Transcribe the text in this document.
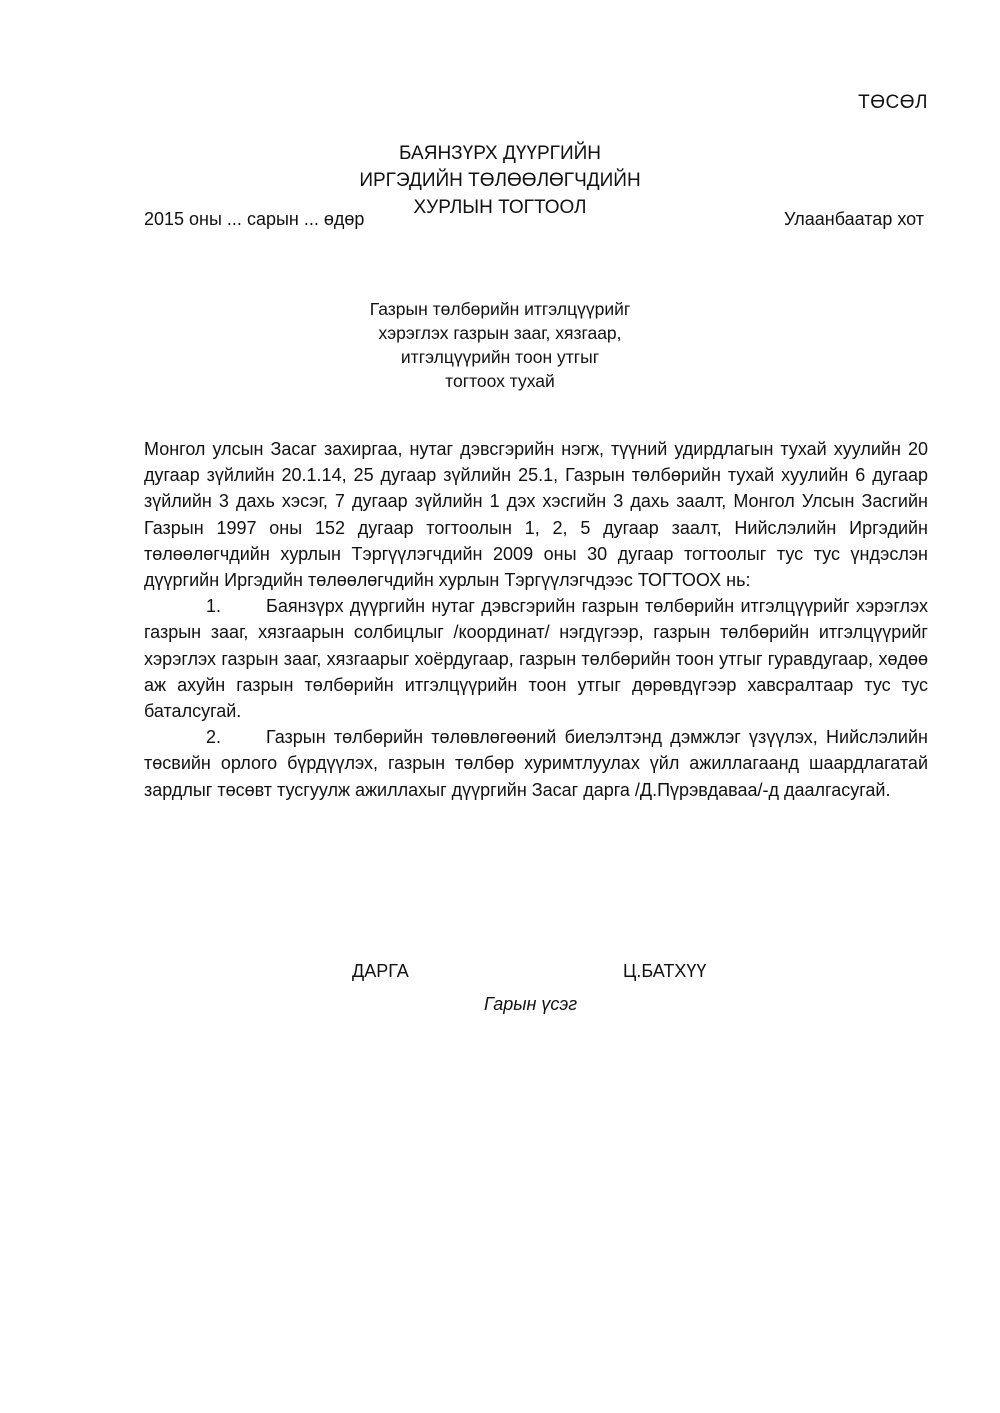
ТӨСӨЛ
БАЯНЗҮРХ ДҮҮРГИЙН
ИРГЭДИЙН ТӨЛӨӨЛӨГЧДИЙН
ХУРЛЫН ТОГТООЛ
2015 оны ... сарын ... өдөр	Улаанбаатар хот
Газрын төлбөрийн итгэлцүүрийг
хэрэглэх газрын зааг, хязгаар,
итгэлцүүрийн тоон утгыг
тогтоох тухай

Монгол улсын Засаг захиргаа, нутаг дэвсгэрийн нэгж, түүний удирдлагын тухай хуулийн 20 дугаар зүйлийн 20.1.14, 25 дугаар зүйлийн 25.1, Газрын төлбөрийн тухай хуулийн 6 дугаар зүйлийн 3 дахь хэсэг, 7 дугаар зүйлийн 1 дэх хэсгийн 3 дахь заалт, Монгол Улсын Засгийн Газрын 1997 оны 152 дугаар тогтоолын 1, 2, 5 дугаар заалт, Нийслэлийн Иргэдийн төлөөлөгчдийн хурлын Тэргүүлэгчдийн 2009 оны 30 дугаар тогтоолыг тус тус үндэслэн дүүргийн Иргэдийн төлөөлөгчдийн хурлын Тэргүүлэгчдээс ТОГТООХ нь:

1. Баянзүрх дүүргийн нутаг дэвсгэрийн газрын төлбөрийн итгэлцүүрийг хэрэглэх газрын зааг, хязгаарын солбицлыг /координат/ нэгдүгээр, газрын төлбөрийн итгэлцүүрийг хэрэглэх газрын зааг, хязгаарыг хоёрдугаар, газрын төлбөрийн тоон утгыг гуравдугаар, хөдөө аж ахуйн газрын төлбөрийн итгэлцүүрийн тоон утгыг дөрөвдүгээр хавсралтаар тус тус баталсугай.

2. Газрын төлбөрийн төлөвлөгөөний биелэлтэнд дэмжлэг үзүүлэх, Нийслэлийн төсвийн орлого бүрдүүлэх, газрын төлбөр хуримтлуулах үйл ажиллагаанд шаардлагатай зардлыг төсөвт тусгуулж ажиллахыг дүүргийн Засаг дарга /Д.Пүрэвдаваа/-д даалгасугай.

ДАРГА	Ц.БАТХҮҮ
Гарын үсэг
